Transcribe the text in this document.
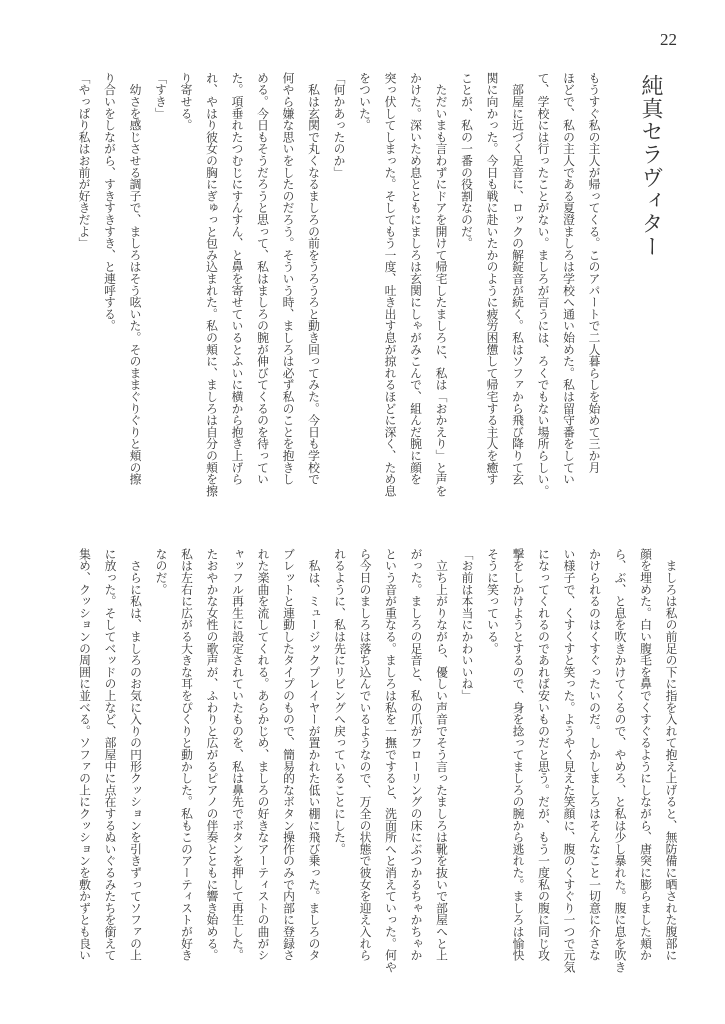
22
純真セラヴィター
もうすぐ私の主人が帰ってくる。このアパートで二人暮らしを始めて三か月
ほどで、私の主人である夏澄ましろは学校へ通い始めた。私は留守番をしてい
て、学校には行ったことがない。ましろが言うには、ろくでもない場所らしい。
　部屋に近づく足音に、ロックの解錠音が続く。私はソファから飛び降りて玄
関に向かった。今日も戦に赴いたかのように疲労困憊して帰宅する主人を癒す
ことが、私の一番の役割なのだ。
　ただいまも言わずにドアを開けて帰宅したましろに、私は「おかえり」と声を
かけた。深いため息とともにましろは玄関にしゃがみこんで、組んだ腕に顔を
突っ伏してしまった。そしてもう一度、吐き出す息が掠れるほどに深く、ため息
をついた。
「何かあったのか」
　私は玄関で丸くなるましろの前をうろうろと動き回ってみた。今日も学校で
何やら嫌な思いをしたのだろう。そういう時、ましろは必ず私のことを抱きし
める。今日もそうだろうと思って、私はましろの腕が伸びてくるのを待ってい
た。項垂れたつむじにすんすん、と鼻を寄せているとふいに横から抱き上げら
れ、やはり彼女の胸にぎゅっと包み込まれた。私の頬に、ましろは自分の頬を擦
り寄せる。
「すき」
　幼さを感じさせる調子で、ましろはそう呟いた。そのままぐりぐりと頬の擦
り合いをしながら、すきすきすき、と連呼する。
「やっぱり私はお前が好きだよ」
　ましろは私の前足の下に指を入れて抱え上げると、無防備に晒された腹部に
顔を埋めた。白い腹毛を鼻でくすぐるようにしながら、唐突に膨らました頬か
ら、ぶ、と息を吹きかけてくるので、やめろ、と私は少し暴れた。腹に息を吹き
かけられるのはくすぐったいのだ。しかしましろはそんなこと一切意に介さな
い様子で、くすくすと笑った。ようやく見えた笑顔に、腹のくすぐり一つで元気
になってくれるのであれば安いものだと思う。だが、もう一度私の腹に同じ攻
撃をしかけようとするので、身を捻ってましろの腕から逃れた。ましろは愉快
そうに笑っている。
「お前は本当にかわいいね」
　立ち上がりながら、優しい声音でそう言ったましろは靴を抜いで部屋へと上
がった。ましろの足音と、私の爪がフローリングの床にぶつかるちゃかちゃか
という音が重なる。ましろは私を一撫ですると、洗面所へと消えていった。何や
ら今日のましろは落ち込んでいるようなので、万全の状態で彼女を迎え入れら
れるように、私は先にリビングへ戻っていることにした。
　私は、ミュージックプレイヤーが置かれた低い棚に飛び乗った。ましろのタ
ブレットと連動したタイプのもので、簡易的なボタン操作のみで内部に登録さ
れた楽曲を流してくれる。あらかじめ、ましろの好きなアーティストの曲がシ
ャッフル再生に設定されていたものを、私は鼻先でボタンを押して再生した。
たおやかな女性の歌声が、ふわりと広がるピアノの伴奏とともに響き始める。
私は左右に広がる大きな耳をぴくりと動かした。私もこのアーティストが好き
なのだ。
　さらに私は、ましろのお気に入りの円形クッションを引きずってソファの上
に放った。そしてベッドの上など、部屋中に点在するぬいぐるみたちを銜えて
集め、クッションの周囲に並べる。ソファの上にクッションを敷かずとも良い
